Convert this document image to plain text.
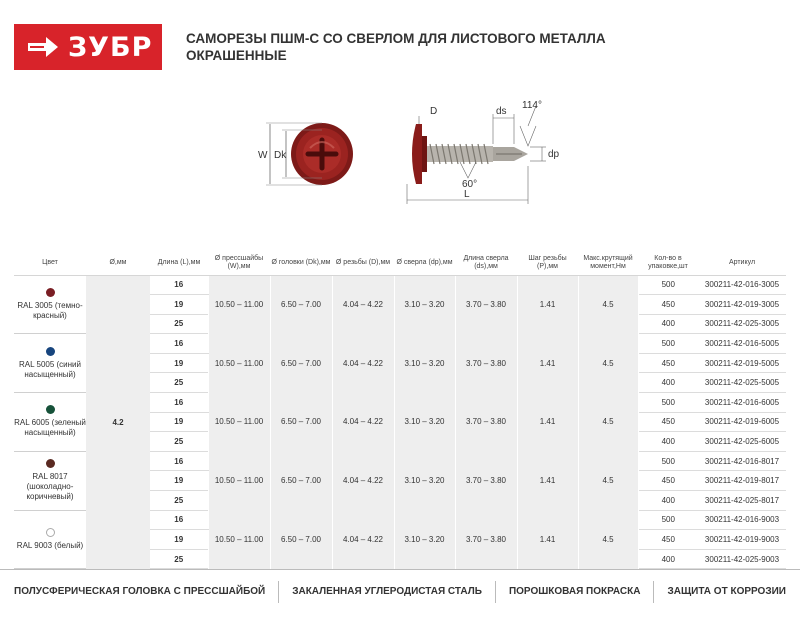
ЗУБР САМОРЕЗЫ ПШМ-С СО СВЕРЛОМ ДЛЯ ЛИСТОВОГО МЕТАЛЛА
ОКРАШЕННЫЕ
W Dk
D	ds
114°
dp
60°
L
Цвет	Ø,мм	Длина (L),мм	Ø прессшайбы (W),мм	Ø головки (Dk),мм	Ø резьбы (D),мм	Ø сверла (dp),мм	Длина сверла (ds),мм	Шаг резьбы (P),мм	Макс.крутящий момент,Нм	Кол-во в упаковке,шт	Артикул

RAL 3005 (темно-красный)	4.2	16	10.50 – 11.00	6.50 – 7.00	4.04 – 4.22	3.10 – 3.20	3.70 – 3.80	1.41	4.5	500	300211-42-016-3005
		19								450	300211-42-019-3005
		25								400	300211-42-025-3005

RAL 5005 (синий насыщенный)		16	10.50 – 11.00	6.50 – 7.00	4.04 – 4.22	3.10 – 3.20	3.70 – 3.80	1.41	4.5	500	300211-42-016-5005
		19								450	300211-42-019-5005
		25								400	300211-42-025-5005

RAL 6005 (зеленый насыщенный)		16	10.50 – 11.00	6.50 – 7.00	4.04 – 4.22	3.10 – 3.20	3.70 – 3.80	1.41	4.5	500	300211-42-016-6005
		19								450	300211-42-019-6005
		25								400	300211-42-025-6005

RAL 8017 (шоколадно-коричневый)		16	10.50 – 11.00	6.50 – 7.00	4.04 – 4.22	3.10 – 3.20	3.70 – 3.80	1.41	4.5	500	300211-42-016-8017
		19								450	300211-42-019-8017
		25								400	300211-42-025-8017

RAL 9003 (белый)		16	10.50 – 11.00	6.50 – 7.00	4.04 – 4.22	3.10 – 3.20	3.70 – 3.80	1.41	4.5	500	300211-42-016-9003
		19								450	300211-42-019-9003
		25								400	300211-42-025-9003
ПОЛУСФЕРИЧЕСКАЯ ГОЛОВКА С ПРЕССШАЙБОЙ	ЗАКАЛЕННАЯ УГЛЕРОДИСТАЯ СТАЛЬ	ПОРОШКОВАЯ ПОКРАСКА	ЗАЩИТА ОТ КОРРОЗИИ
